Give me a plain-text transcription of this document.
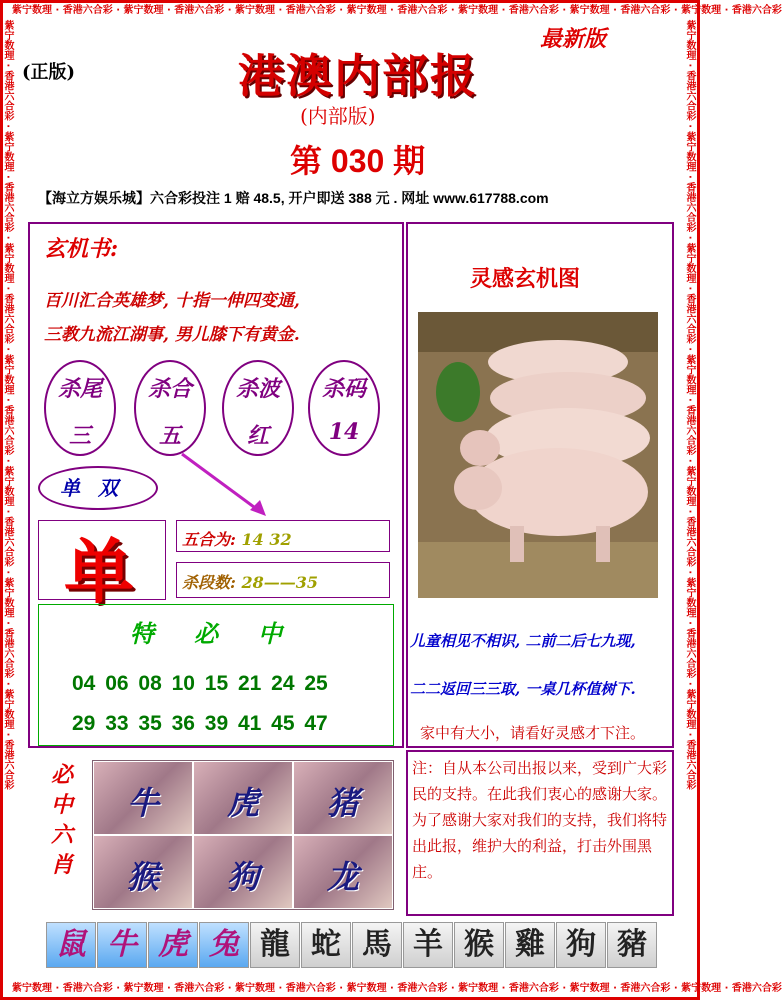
紫宁数理 · 香港六合彩 · 紫宁数理 · 香港六合彩 · 紫宁数理 · 香港六合彩 · 紫宁数理 · 香港六合彩 · 紫宁数理 · 香港六合彩 · 紫宁数理 · 香港六合彩 · 紫宁数理 · 香港六合彩
紫宁数理 · 香港六合彩 · 紫宁数理 · 香港六合彩 · 紫宁数理 · 香港六合彩 · 紫宁数理 · 香港六合彩 · 紫宁数理 · 香港六合彩 · 紫宁数理 · 香港六合彩 · 紫宁数理 · 香港六合彩
紫宁数理 · 香港六合彩 · 紫宁数理 · 香港六合彩 · 紫宁数理 · 香港六合彩 · 紫宁数理 · 香港六合彩 · 紫宁数理 · 香港六合彩 · 紫宁数理 · 香港六合彩 · 紫宁数理 · 香港六合彩	紫宁数理 · 香港六合彩 · 紫宁数理 · 香港六合彩 · 紫宁数理 · 香港六合彩 · 紫宁数理 · 香港六合彩 · 紫宁数理 · 香港六合彩 · 紫宁数理 · 香港六合彩 · 紫宁数理 · 香港六合彩
(正版)
最新版
港澳内部报
(内部版)
第 030 期
【海立方娱乐城】六合彩投注 1 赔 48.5, 开户即送 388 元 . 网址 www.617788.com
玄机书:
百川汇合英雄梦, 十指一伸四变通,
三教九流江湖事, 男儿膝下有黄金.
杀尾
三
杀合
五
杀波
红
杀码
14
单双
单	五合为: 14 32
杀段数: 28——35
特必中
04 06 08 10 15 21 24 25
29 33 35 36 39 41 45 47
必中六肖
牛	虎	猪
猴	狗	龙
灵感玄机图
儿童相见不相识, 二前二后七九现,
二二返回三三取, 一桌几杯值树下.
家中有大小，请看好灵感才下注。
注：自从本公司出报以来，受到广大彩民的支持。在此我们衷心的感谢大家。为了感谢大家对我们的支持，我们将特出此报，维护大的利益，打击外围黑庄。
鼠 牛 虎 兔 龍 蛇 馬 羊 猴 雞 狗 豬
